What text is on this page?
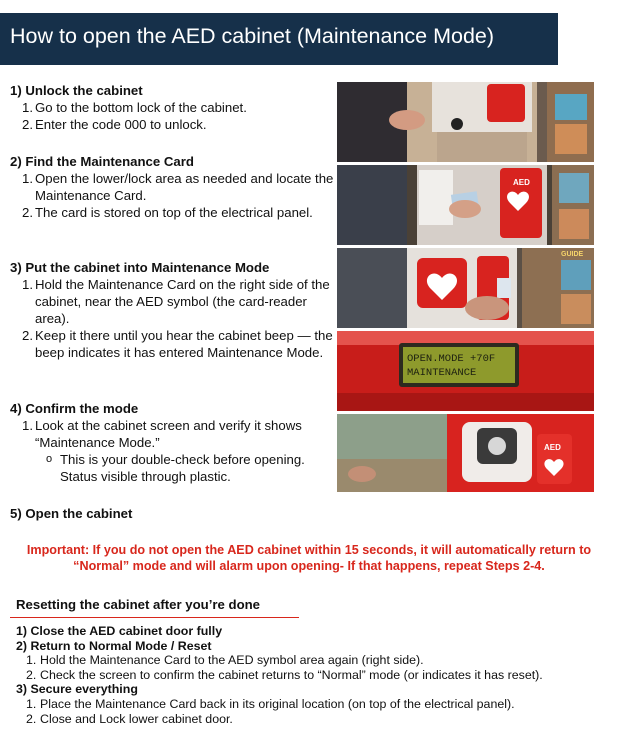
How to open the AED cabinet (Maintenance Mode)
1) Unlock the cabinet
1. Go to the bottom lock of the cabinet.
2. Enter the code 000 to unlock.
2) Find the Maintenance Card
1. Open the lower/lock area as needed and locate the Maintenance Card.
2. The card is stored on top of the electrical panel.
3) Put the cabinet into Maintenance Mode
1. Hold the Maintenance Card on the right side of the cabinet, near the AED symbol (the card-reader area).
2. Keep it there until you hear the cabinet beep — the beep indicates it has entered Maintenance Mode.
4) Confirm the mode
1. Look at the cabinet screen and verify it shows “Maintenance Mode.”
o This is your double-check before opening. Status visible through plastic.
5) Open the cabinet
AED
GUIDE
OPEN.MODE +70F
MAINTENANCE
AED
Important: If you do not open the AED cabinet within 15 seconds, it will automatically return to “Normal” mode and will alarm upon opening- If that happens, repeat Steps 2-4.
Resetting the cabinet after you’re done
1) Close the AED cabinet door fully
2) Return to Normal Mode / Reset
1. Hold the Maintenance Card to the AED symbol area again (right side).
2. Check the screen to confirm the cabinet returns to “Normal” mode (or indicates it has reset).
3) Secure everything
1. Place the Maintenance Card back in its original location (on top of the electrical panel).
2. Close and Lock lower cabinet door.
